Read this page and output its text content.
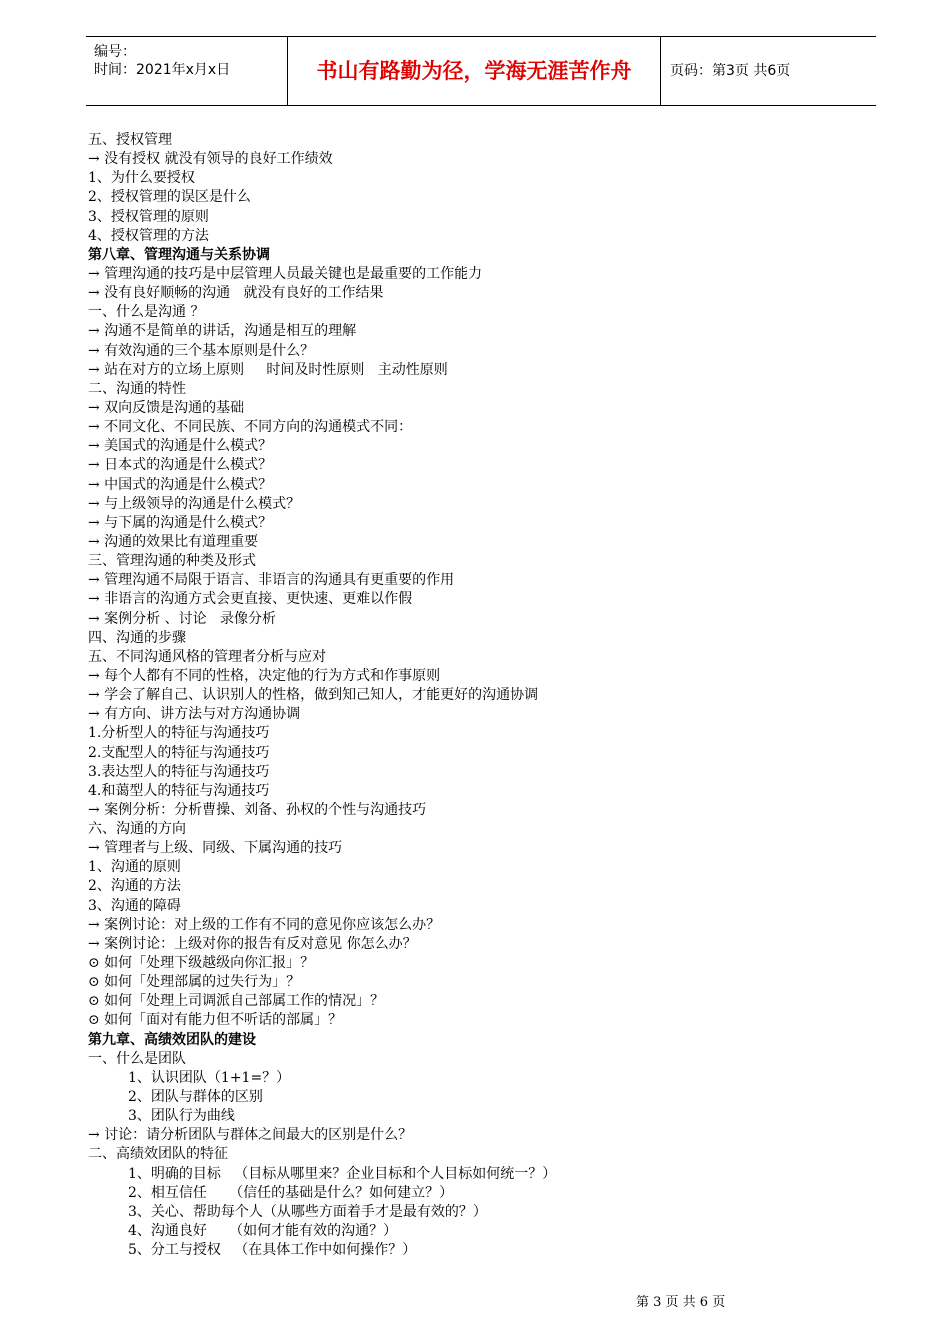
编号：
时间：2021年x月x日	书山有路勤为径，学海无涯苦作舟	页码：第3页 共6页
五、授权管理
→ 没有授权 就没有领导的良好工作绩效
1、为什么要授权
2、授权管理的误区是什么
3、授权管理的原则
4、授权管理的方法
第八章、管理沟通与关系协调
→ 管理沟通的技巧是中层管理人员最关键也是最重要的工作能力
→ 没有良好顺畅的沟通   就没有良好的工作结果
一、什么是沟通 ？
→ 沟通不是简单的讲话，沟通是相互的理解
→ 有效沟通的三个基本原则是什么？
→ 站在对方的立场上原则     时间及时性原则   主动性原则
二、沟通的特性
→ 双向反馈是沟通的基础
→ 不同文化、不同民族、不同方向的沟通模式不同：
→ 美国式的沟通是什么模式？
→ 日本式的沟通是什么模式？
→ 中国式的沟通是什么模式？
→ 与上级领导的沟通是什么模式？
→ 与下属的沟通是什么模式？
→ 沟通的效果比有道理重要
三、管理沟通的种类及形式
→ 管理沟通不局限于语言、非语言的沟通具有更重要的作用
→ 非语言的沟通方式会更直接、更快速、更难以作假
→ 案例分析 、讨论   录像分析
四、沟通的步骤
五、不同沟通风格的管理者分析与应对
→ 每个人都有不同的性格，决定他的行为方式和作事原则
→ 学会了解自己、认识别人的性格，做到知己知人，才能更好的沟通协调
→ 有方向、讲方法与对方沟通协调
1.分析型人的特征与沟通技巧
2.支配型人的特征与沟通技巧
3.表达型人的特征与沟通技巧
4.和蔼型人的特征与沟通技巧
→ 案例分析：分析曹操、刘备、孙权的个性与沟通技巧
六、沟通的方向
→ 管理者与上级、同级、下属沟通的技巧
1、沟通的原则
2、沟通的方法
3、沟通的障碍
→ 案例讨论：对上级的工作有不同的意见你应该怎么办？
→ 案例讨论：上级对你的报告有反对意见 你怎么办？
⊙ 如何「处理下级越级向你汇报」？
⊙ 如何「处理部属的过失行为」？
⊙ 如何「处理上司调派自己部属工作的情况」？
⊙ 如何「面对有能力但不听话的部属」？
第九章、高绩效团队的建设
一、什么是团队
1、认识团队（1+1=？）
2、团队与群体的区别
3、团队行为曲线
→ 讨论：请分析团队与群体之间最大的区别是什么？
二、高绩效团队的特征
1、明确的目标   （目标从哪里来？企业目标和个人目标如何统一？）
2、相互信任     （信任的基础是什么？如何建立？）
3、关心、帮助每个人（从哪些方面着手才是最有效的？）
4、沟通良好     （如何才能有效的沟通？）
5、分工与授权   （在具体工作中如何操作？）
第 3 页 共 6 页
